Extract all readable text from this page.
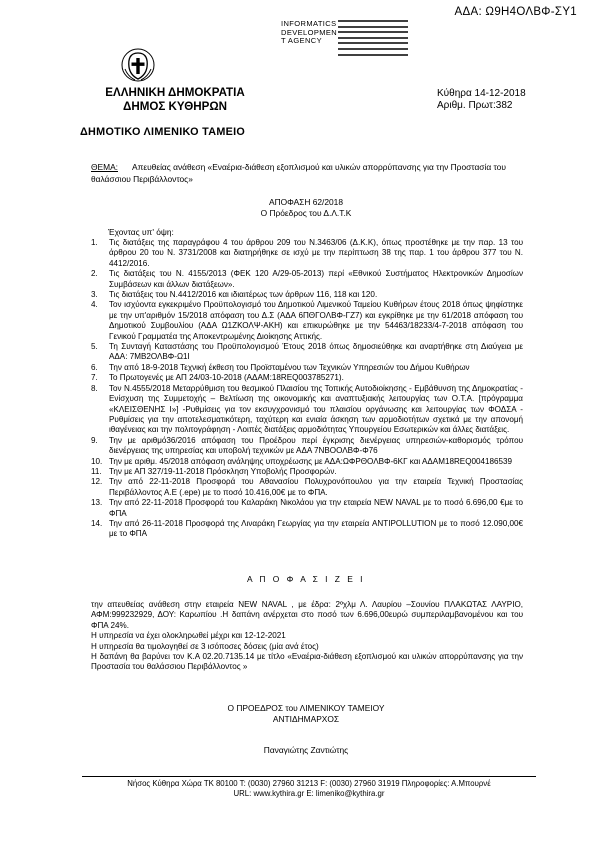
ΑΔΑ: Ω9Η4ΟΛΒΦ-ΣΥ1
INFORMATICS
DEVELOPMEN
T AGENCY
ΕΛΛΗΝΙΚΗ ΔΗΜΟΚΡΑΤΙΑ
ΔΗΜΟΣ ΚΥΘΗΡΩΝ
Κύθηρα 14-12-2018
Αριθμ. Πρωτ:382
ΔΗΜΟΤΙΚΟ ΛΙΜΕΝΙΚΟ ΤΑΜΕΙΟ
ΘΕΜΑ: Απευθείας ανάθεση «Εναέρια-διάθεση εξοπλισμού και υλικών απορρύπανσης για την Προστασία του θαλάσσιου Περιβάλλοντος»
ΑΠΟΦΑΣΗ 62/2018
Ο Πρόεδρος του Δ.Λ.Τ.Κ
Έχοντας υπ' όψη:
1.	Τις διατάξεις της παραγράφου 4 του άρθρου 209 του Ν.3463/06 (Δ.Κ.Κ), όπως προστέθηκε με την παρ. 13 του άρθρου 20 του Ν. 3731/2008 και διατηρήθηκε σε ισχύ με την περίπτωση 38 της παρ. 1 του άρθρου 377 του Ν. 4412/2016.
2.	Τις διατάξεις του Ν. 4155/2013 (ΦΕΚ 120 Α/29-05-2013) περί «Εθνικού Συστήματος Ηλεκτρονικών Δημοσίων Συμβάσεων και άλλων διατάξεων».
3.	Τις διατάξεις του Ν.4412/2016 και ιδιαιτέρως των άρθρων 116, 118 και 120.
4.	Τον ισχύοντα εγκεκριμένο Προϋπολογισμό του Δημοτικού Λιμενικού Ταμείου Κυθήρων έτους 2018 όπως ψηφίστηκε με την υπ'αριθμόν 15/2018 απόφαση του Δ.Σ (ΑΔΑ 6ΠΘΓΟΛΒΦ-ΓΖ7) και εγκρίθηκε με την 61/2018 απόφαση του Δημοτικού Συμβουλίου (ΑΔΑ Ω1ΖΚΟΛΨ-ΑΚΗ) και επικυρώθηκε με την 54463/18233/4-7-2018 απόφαση του Γενικού Γραμματέα της Αποκεντρωμένης Διοίκησης Αττικής.
5.	Τη Συνταγή Καταστάσης του Προϋπολογισμού Έτους 2018 όπως δημοσιεύθηκε και αναρτήθηκε στη Διαύγεια με ΑΔΑ: 7ΜΒ2ΟΛΒΦ-Ω1Ι
6.	Την από 18-9-2018 Τεχνική έκθεση του Προϊσταμένου των Τεχνικών Υπηρεσιών του Δήμου Κυθήρων
7.	Το Πρωτογενές με ΑΠ 24/03-10-2018 (ΑΔΑΜ:18REQ003785271).
8.	Τον Ν.4555/2018 Μεταρρύθμιση του θεσμικού Πλαισίου της Τοπικής Αυτοδιοίκησης - Εμβάθυνση της Δημοκρατίας - Ενίσχυση της Συμμετοχής – Βελτίωση της οικονομικής και αναπτυξιακής λειτουργίας των Ο.Τ.Α. [πρόγραμμα «ΚΛΕΙΣΘΕΝΗΣ Ι»] -Ρυθμίσεις για τον εκσυγχρονισμό του πλαισίου οργάνωσης και λειτουργίας των ΦΟΔΣΑ - Ρυθμίσεις για την αποτελεσματικότερη, ταχύτερη και ενιαία άσκηση των αρμοδιοτήτων σχετικά με την απονομή ιθαγένειας και την πολιτογράφηση - Λοιπές διατάξεις αρμοδιότητας Υπουργείου Εσωτερικών και άλλες διατάξεις.
9.	Την με αριθμό36/2016 απόφαση του Προέδρου περί έγκρισης διενέργειας υπηρεσιών-καθορισμός τρόπου διενέργειας της υπηρεσίας και υποβολή τεχνικών με ΑΔΑ 7ΝΒΟΟΛΒΦ-Φ76
10. Την με αριθμ. 45/2018 απόφαση ανάληψης υποχρέωσης με ΑΔΑ:ΩΦΡΘΟΛΒΦ-6ΚΓ και ΑΔΑΜ18REQ004186539
11. Την με ΑΠ 327/19-11-2018 Πρόσκληση Υποβολής Προσφορών.
12. Την από 22-11-2018 Προσφορά του Αθανασίου Πολυχρονόπουλου για την εταιρεία Τεχνική Προστασίας Περιβάλλοντος Α.Ε (.epe) με το ποσό 10.416,00€ με το ΦΠΑ.
13. Την από 22-11-2018 Προσφορά του Καλαράκη Νικολάου για την εταιρεία NEW NAVAL με το ποσό 6.696,00 €με το ΦΠΑ
14. Την από 26-11-2018 Προσφορά της Λιναράκη Γεωργίας για την εταιρεία ANTIPOLLUTION με το ποσό 12.090,00€ με το ΦΠΑ
Α Π Ο Φ Α Σ Ι Ζ Ε Ι

την απευθείας ανάθεση στην εταιρεία NEW NAVAL , με έδρα: 2ºχλμ Λ. Λαυρίου –Σουνίου ΠΛΑΚΩΤΑΣ ΛΑΥΡΙΟ, ΑΦΜ:999232929, ΔΟΥ: Καρωπίου .Η δαπάνη ανέρχεται στο ποσό των 6.696,00ευρώ συμπεριλαμβανομένου και του ΦΠΑ 24%.

Η υπηρεσία να έχει ολοκληρωθεί μέχρι και 12-12-2021

Η υπηρεσία θα τιμολογηθεί σε 3 ισόποσες δόσεις (μία ανά έτος)

Η δαπάνη θα βαρύνει τον Κ.Α 02.20.7135.14 με τίτλο «Εναέρια-διάθεση εξοπλισμού και υλικών απορρύπανσης για την Προστασία του θαλάσσιου Περιβάλλοντος »

Ο ΠΡΟΕΔΡΟΣ του ΛΙΜΕΝΙΚΟΥ ΤΑΜΕΙΟΥ
ΑΝΤΙΔΗΜΑΡΧΟΣ
Παναγιώτης Ζαντιώτης
Νήσος Κύθηρα Χώρα ΤΚ 80100 Τ: (0030) 27960 31213 F: (0030) 27960 31919 Πληροφορίες: Α.Μπουρνέ
URL: www.kythira.gr E: limeniko@kythira.gr
